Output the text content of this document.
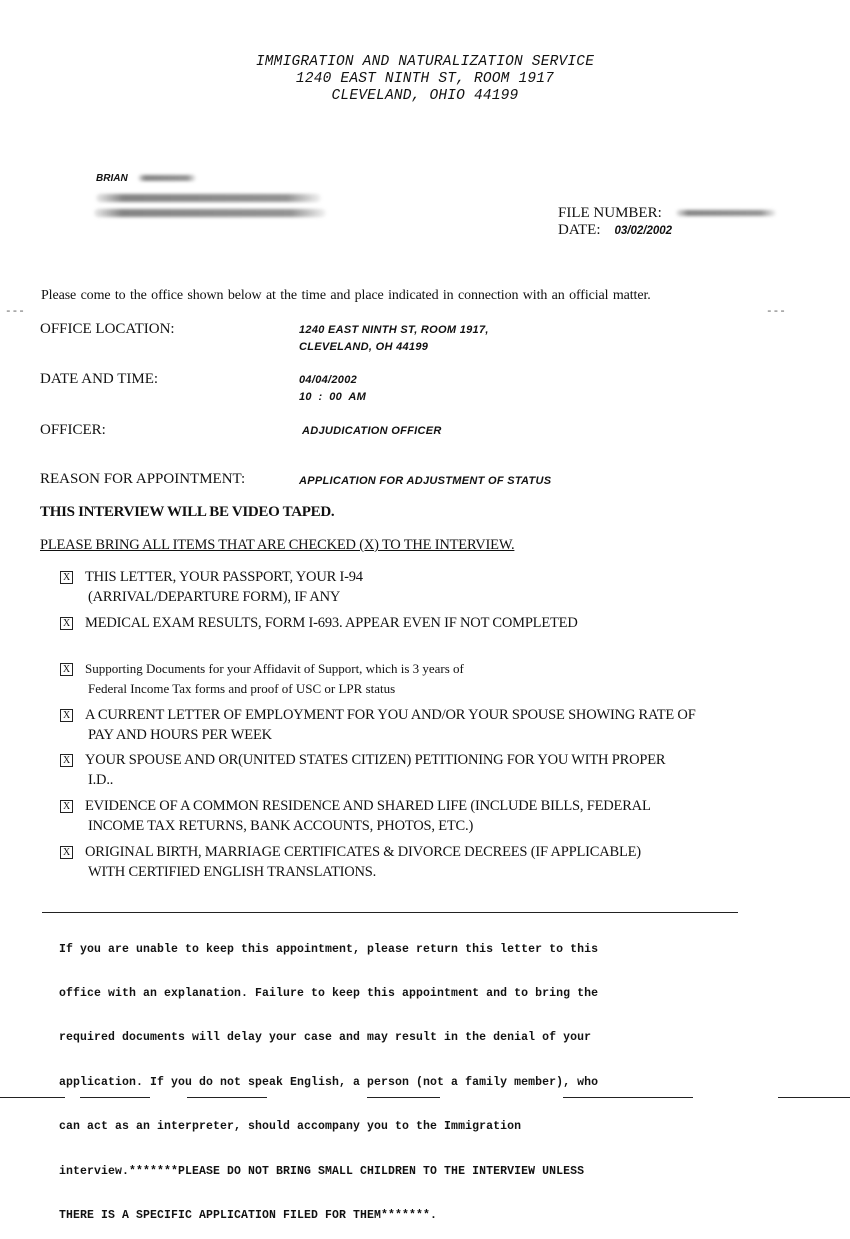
IMMIGRATION AND NATURALIZATION SERVICE
1240 EAST NINTH ST, ROOM 1917
CLEVELAND, OHIO 44199
BRIAN
FILE NUMBER:
DATE: 03/02/2002
Please come to the office shown below at the time and place indicated in connection with an official matter.
---	---
OFFICE LOCATION:	1240 EAST NINTH ST, ROOM 1917,
CLEVELAND, OH 44199
DATE AND TIME:	04/04/2002
10  :  00  AM
OFFICER:	ADJUDICATION OFFICER
REASON FOR APPOINTMENT:	APPLICATION FOR ADJUSTMENT OF STATUS
THIS INTERVIEW WILL BE VIDEO TAPED.
PLEASE BRING ALL ITEMS THAT ARE CHECKED (X) TO THE INTERVIEW.
X THIS LETTER, YOUR PASSPORT, YOUR I-94
(ARRIVAL/DEPARTURE FORM), IF ANY
X MEDICAL EXAM RESULTS, FORM I-693. APPEAR EVEN IF NOT COMPLETED
X Supporting Documents for your Affidavit of Support, which is 3 years of
Federal Income Tax forms and proof of USC or LPR status
X A CURRENT LETTER OF EMPLOYMENT FOR YOU AND/OR YOUR SPOUSE SHOWING RATE OF
PAY AND HOURS PER WEEK
X YOUR SPOUSE AND OR(UNITED STATES CITIZEN) PETITIONING FOR YOU WITH PROPER
I.D..
X EVIDENCE OF A COMMON RESIDENCE AND SHARED LIFE (INCLUDE BILLS, FEDERAL
INCOME TAX RETURNS, BANK ACCOUNTS, PHOTOS, ETC.)
X ORIGINAL BIRTH, MARRIAGE CERTIFICATES & DIVORCE DECREES (IF APPLICABLE)
WITH CERTIFIED ENGLISH TRANSLATIONS.

If you are unable to keep this appointment, please return this letter to this

office with an explanation. Failure to keep this appointment and to bring the

required documents will delay your case and may result in the denial of your

application. If you do not speak English, a person (not a family member), who

can act as an interpreter, should accompany you to the Immigration

interview.*******PLEASE DO NOT BRING SMALL CHILDREN TO THE INTERVIEW UNLESS

THERE IS A SPECIFIC APPLICATION FILED FOR THEM*******.
